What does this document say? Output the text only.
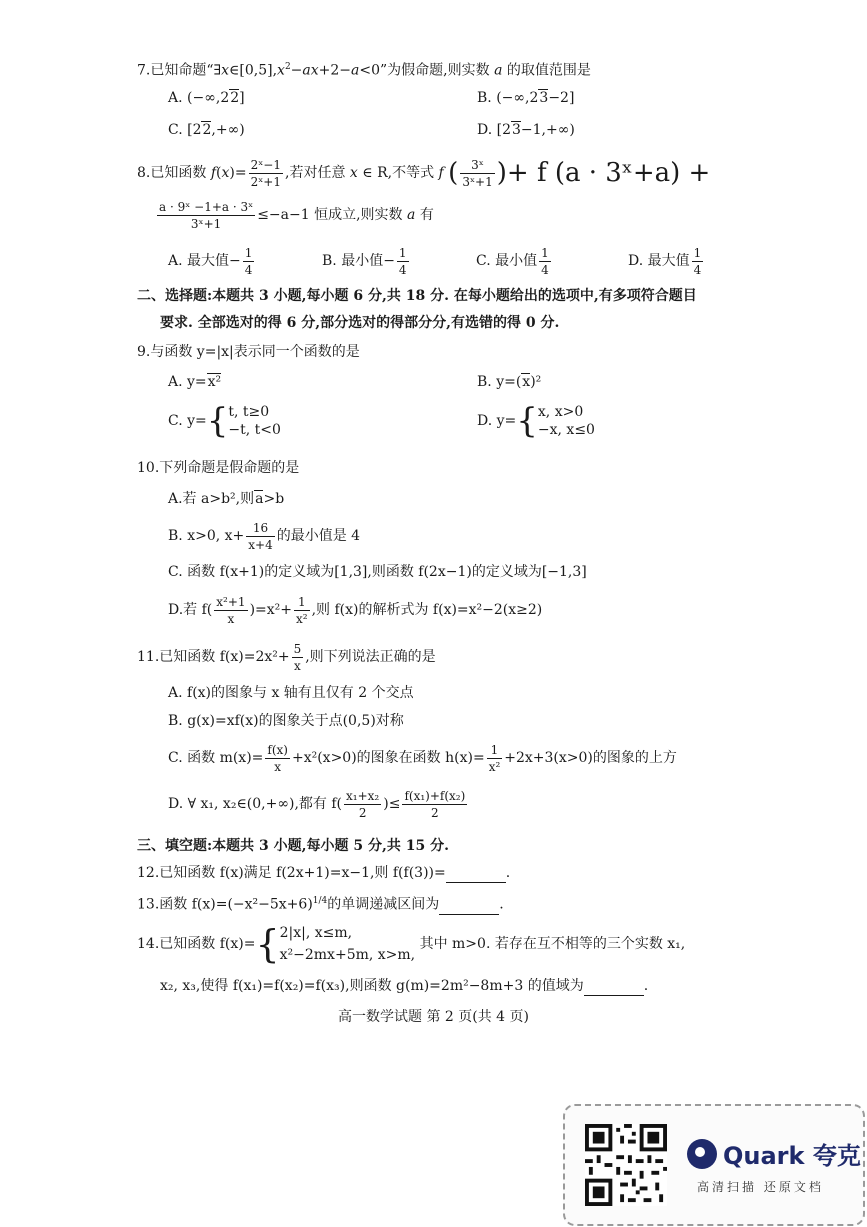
7.已知命题“$\exists x\in[0,5],x^2-ax+2-a<0$”为假命题,则实数 a 的取值范围是
A. (−∞,22]	B. (−∞,23−2]
C. [22,+∞)	D. [23−1,+∞)
8.已知函数 $f(x)= \frac{\text{2ˣ−1}}{\text{2ˣ+1}}$ ,若对任意 x ∈ R,不等式 f ( $\frac{\text{3ˣ}}{\text{3ˣ+1}}$ )+ f (a · 3ˣ+a) +
$\frac{\text{a · 9ˣ −1+a · 3ˣ}}{\text{3ˣ+1}} \le-a-1$ 恒成立,则实数 a 有
A. 最大值− $\frac{1}{4}$	B. 最小值− $\frac{1}{4}$	C. 最小值 $\frac{1}{4}$	D. 最大值 $\frac{1}{4}$
二、选择题:本题共 3 小题,每小题 6 分,共 18 分. 在每小题给出的选项中,有多项符合题目
要求. 全部选对的得 6 分,部分选对的得部分分,有选错的得 0 分.
9.与函数 y=|x|表示同一个函数的是
A. y=x²	B. y=(x)²
C. y={ t, t≥0
−t, t<0
D. y={ x, x>0
−x, x≤0
10.下列命题是假命题的是
A.若 a>b²,则a>b
B. x>0, $x+ \frac{16}{x+4}$ 的最小值是 4
C. 函数 f(x+1)的定义域为[1,3],则函数 f(2x−1)的定义域为[−1,3]
D.若 $f( \frac{\text{x²+1}}{x} )=x^2+ \frac{1}{\text{x²}}$ ,则 f(x)的解析式为 f(x)=x²−2(x≥2)
11.已知函数 $f(x)=2x^2+ \frac{5}{x}$ ,则下列说法正确的是
A. f(x)的图象与 x 轴有且仅有 2 个交点
B. g(x)=xf(x)的图象关于点(0,5)对称
C. 函数 $m(x)= \frac{f(x)}{x} +x^2(x>0)$的图象在函数 $h(x)= \frac{1}{\text{x²}} +2x+3(x>0)$的图象的上方
D. ∀ x₁, x₂∈(0,+∞),都有 $f( \frac{\text{x₁+x₂}}{2}$ )≤ $\frac{\text{f(x₁)+f(x₂)}}{2}$
三、填空题:本题共 3 小题,每小题 5 分,共 15 分.
12.已知函数 f(x)满足 f(2x+1)=x−1,则 f(f(3))=	.
13.函数 $f(x)=(-x^2-5x+6)^{1/4}$的单调递减区间为	.
14.已知函数 f(x)={ 2|x|, x≤m,
x²−2mx+5m, x>m,
其中 m>0. 若存在互不相等的三个实数 x₁,
x₂, x₃,使得 f(x₁)=f(x₂)=f(x₃),则函数 g(m)=2m²−8m+3 的值域为	.
高一数学试题 第 2 页(共 4 页)
Quark 夸克
高清扫描 还原文档
